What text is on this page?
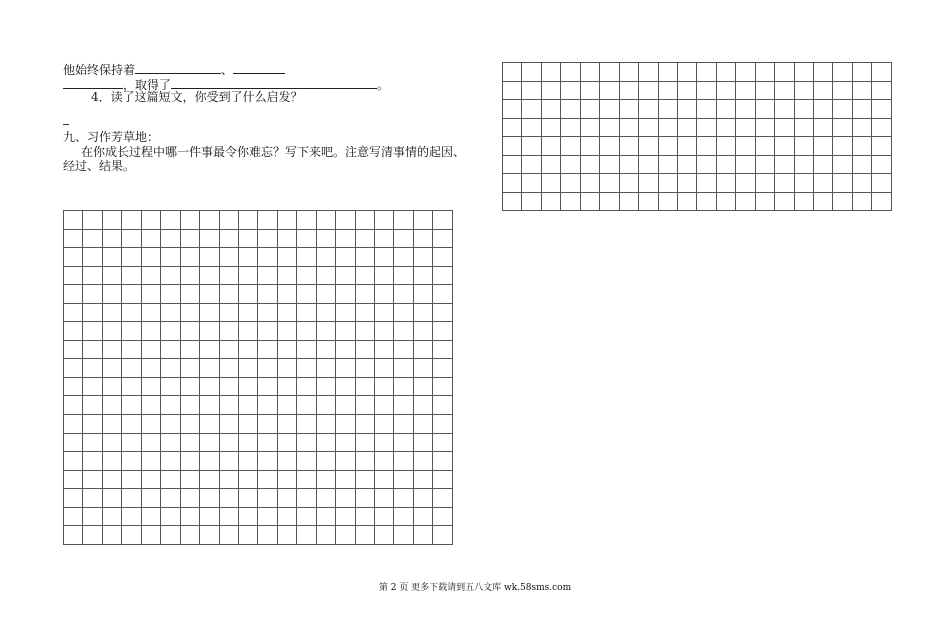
他始终保持着	、
，取得了	。
4．读了这篇短文，你受到了什么启发？
九、习作芳草地：
在你成长过程中哪一件事最令你难忘？写下来吧。注意写清事情的起因、
经过、结果。

第 2 页 更多下载请到五八文库 wk.58sms.com
